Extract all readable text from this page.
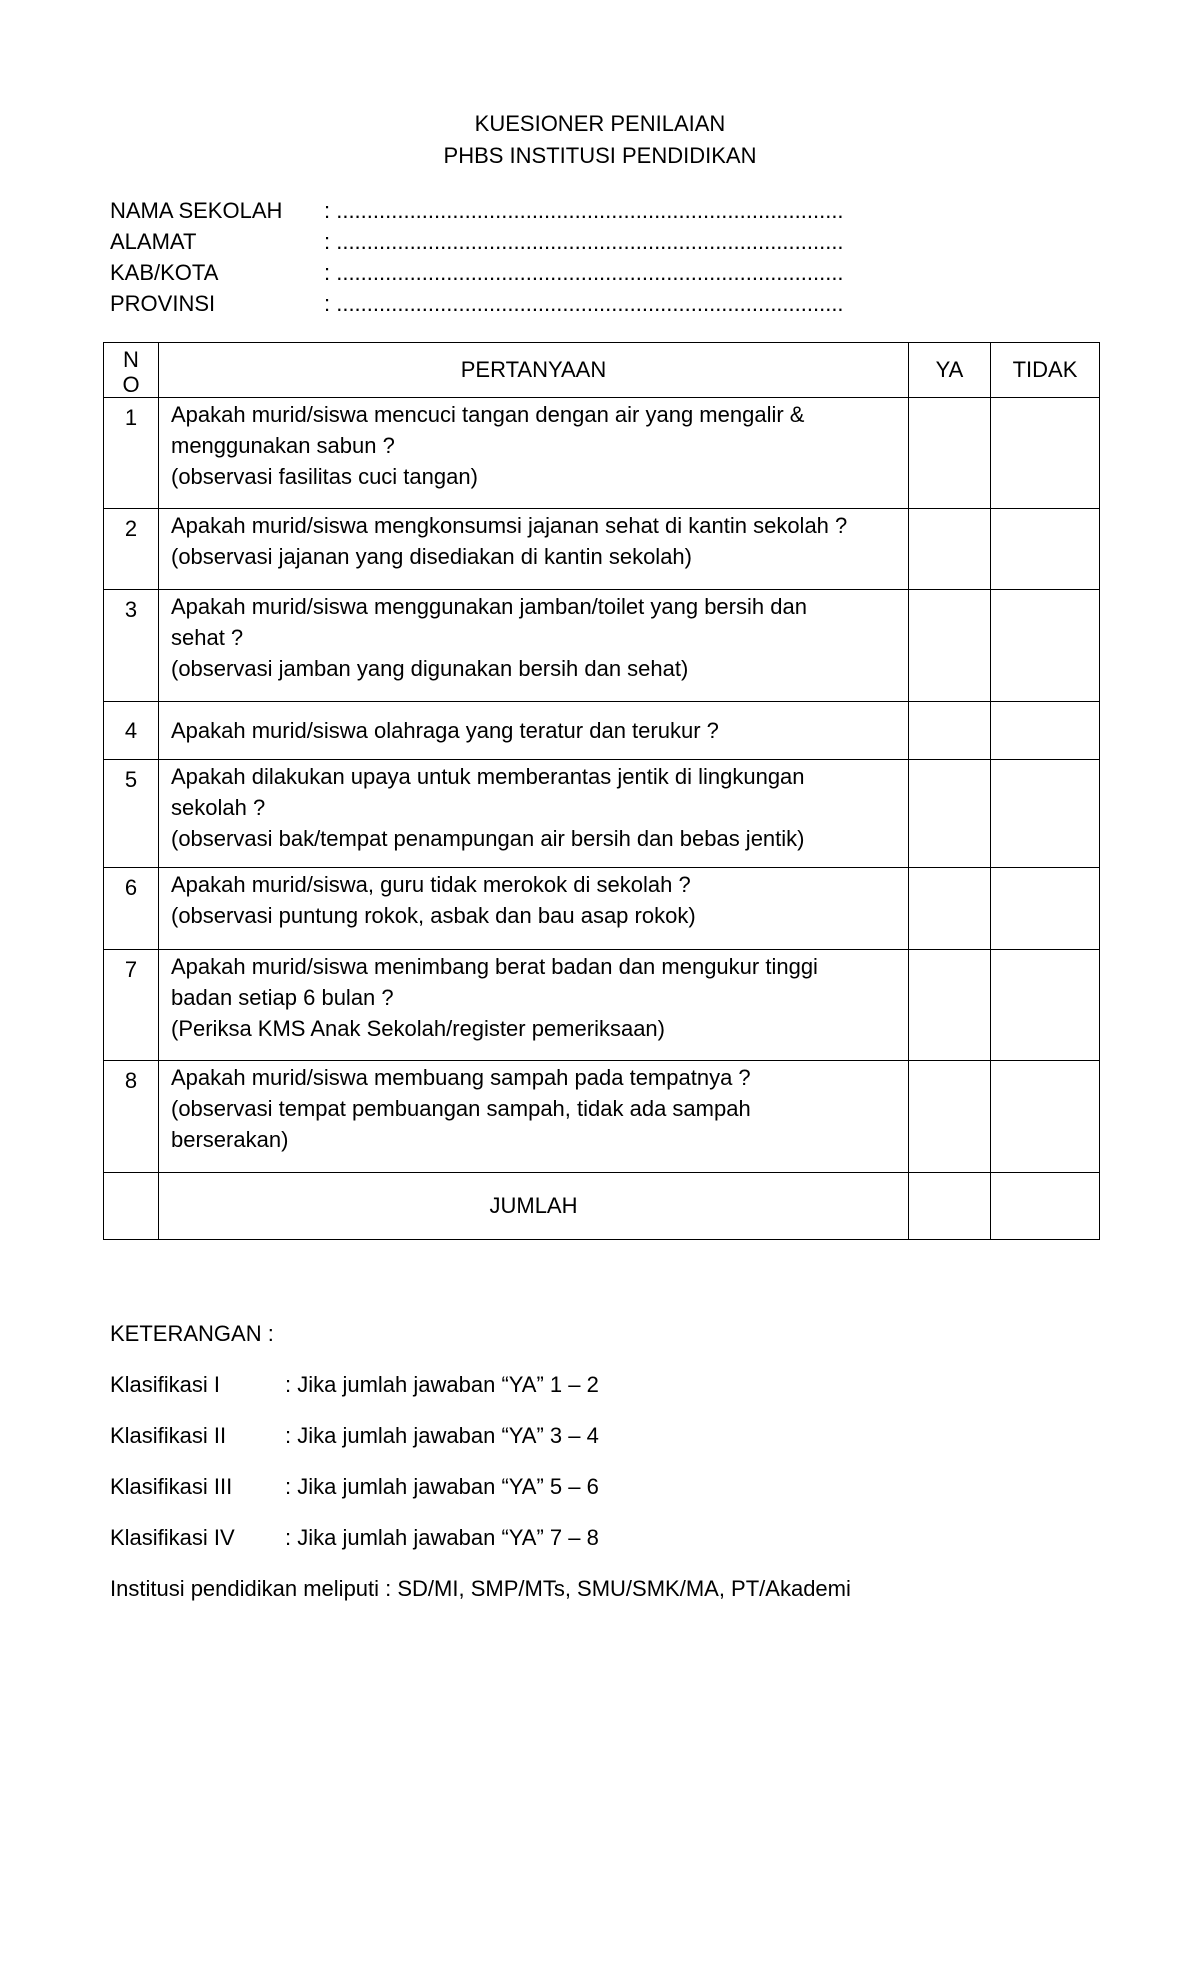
KUESIONER PENILAIAN
PHBS INSTITUSI PENDIDIKAN
NAMA SEKOLAH	: ...................................................................................
ALAMAT	: ...................................................................................
KAB/KOTA	: ...................................................................................
PROVINSI	: ...................................................................................
N
O	PERTANYAAN	YA	TIDAK
1	Apakah murid/siswa mencuci tangan dengan air yang mengalir &
menggunakan sabun ?
(observasi fasilitas cuci tangan)		

2	Apakah murid/siswa mengkonsumsi jajanan sehat di kantin sekolah ?
(observasi jajanan yang disediakan di kantin sekolah)		

3	Apakah murid/siswa menggunakan jamban/toilet yang bersih dan
sehat ?
(observasi jamban yang digunakan bersih dan sehat)		

4	Apakah murid/siswa olahraga yang teratur dan terukur ?		

5	Apakah dilakukan upaya untuk memberantas jentik di lingkungan
sekolah ?
(observasi bak/tempat penampungan air bersih dan bebas jentik)		

6	Apakah murid/siswa, guru tidak merokok di sekolah ?
(observasi puntung rokok, asbak dan bau asap rokok)		

7	Apakah murid/siswa menimbang berat badan dan mengukur tinggi
badan setiap 6 bulan ?
(Periksa KMS Anak Sekolah/register pemeriksaan)		

8	Apakah murid/siswa membuang sampah pada tempatnya ?
(observasi tempat pembuangan sampah, tidak ada sampah
berserakan)		

	JUMLAH		
KETERANGAN :
Klasifikasi I	: Jika jumlah jawaban “YA” 1 – 2
Klasifikasi II	: Jika jumlah jawaban “YA” 3 – 4
Klasifikasi III	: Jika jumlah jawaban “YA” 5 – 6
Klasifikasi IV	: Jika jumlah jawaban “YA” 7 – 8
Institusi pendidikan meliputi : SD/MI, SMP/MTs, SMU/SMK/MA, PT/Akademi
